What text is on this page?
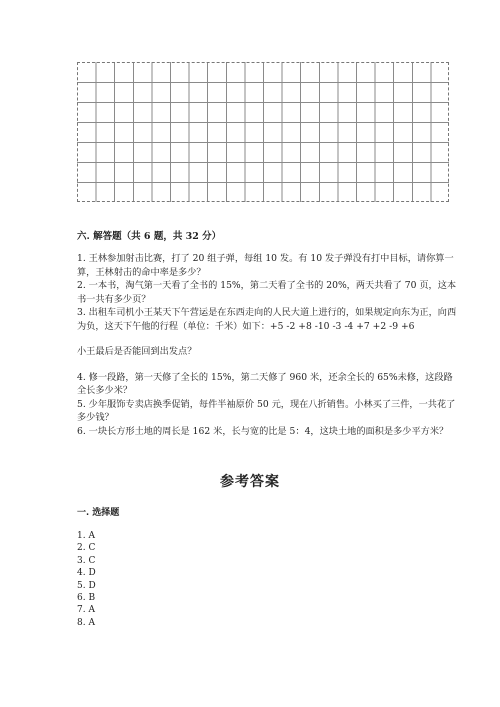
六. 解答题（共 6 题，共 32 分）

1. 王林参加射击比赛，打了 20 组子弹，每组 10 发。有 10 发子弹没有打中目标，请你算一算，王林射击的命中率是多少？

2. 一本书，淘气第一天看了全书的 15%，第二天看了全书的 20%，两天共看了 70 页，这本书一共有多少页？

3. 出租车司机小王某天下午营运是在东西走向的人民大道上进行的，如果规定向东为正，向西为负，这天下午他的行程（单位：千米）如下：+5 -2 +8 -10 -3 -4 +7 +2 -9 +6

小王最后是否能回到出发点？

4. 修一段路，第一天修了全长的 15%，第二天修了 960 米，还余全长的 65%未修，这段路全长多少米？

5. 少年服饰专卖店换季促销，每件半袖原价 50 元，现在八折销售。小林买了三件，一共花了多少钱？

6. 一块长方形土地的周长是 162 米，长与宽的比是 5：4，这块土地的面积是多少平方米？

参考答案
一. 选择题
1. A
2. C
3. C
4. D
5. D
6. B
7. A
8. A
